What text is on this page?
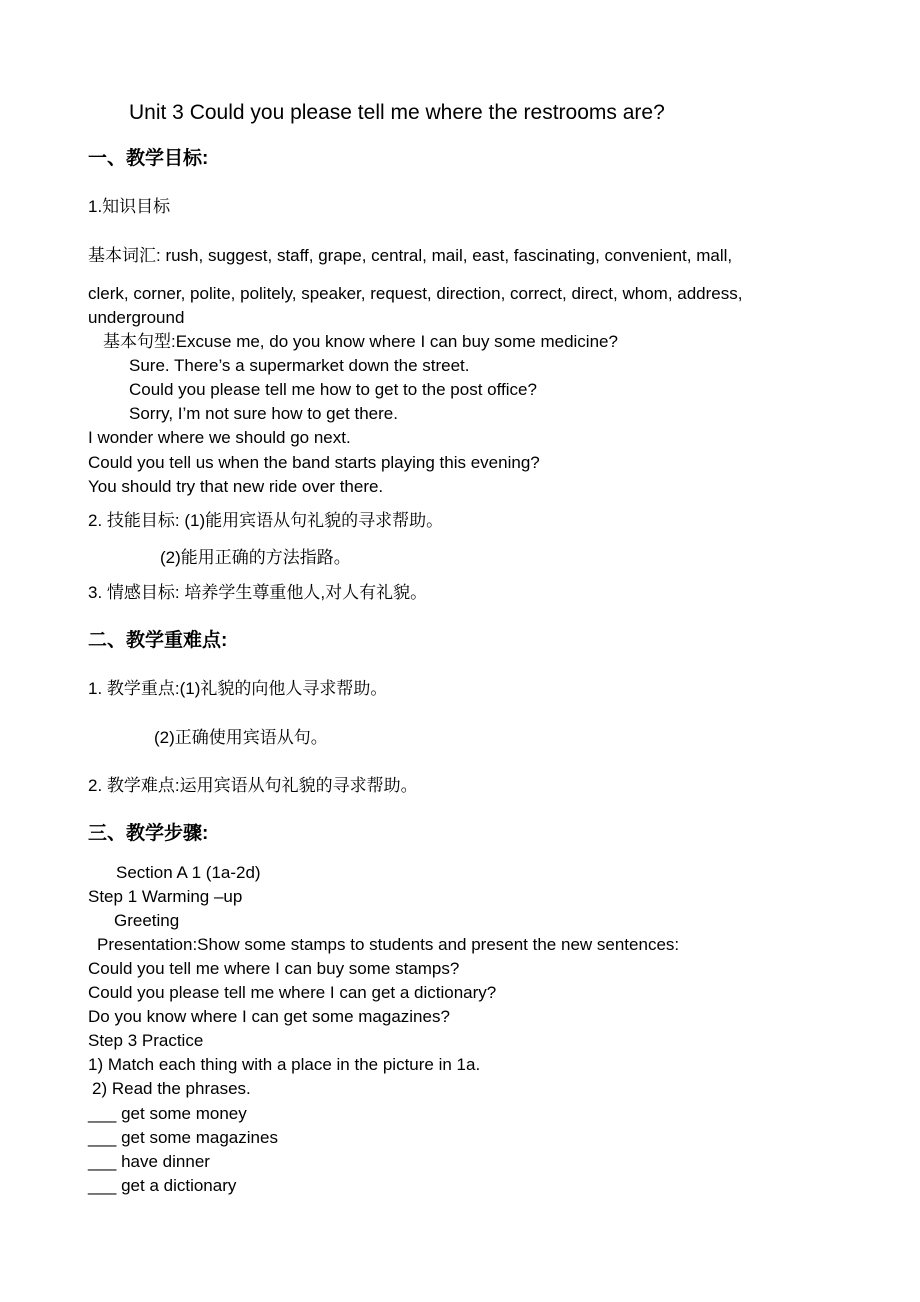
Unit 3 Could you please tell me where the restrooms are?
一、教学目标:
1.知识目标
基本词汇: rush, suggest, staff, grape, central, mail, east, fascinating, convenient, mall,
clerk, corner, polite, politely, speaker, request, direction, correct, direct, whom, address,
underground
基本句型:Excuse me, do you know where I can buy some medicine?
Sure. There’s a supermarket down the street.
Could you please tell me how to get to the post office?
Sorry, I’m not sure how to get there.
I wonder where we should go next.
Could you tell us when the band starts playing this evening?
You should try that new ride over there.
2. 技能目标: (1)能用宾语从句礼貌的寻求帮助。
(2)能用正确的方法指路。
3. 情感目标: 培养学生尊重他人,对人有礼貌。
二、教学重难点:
1. 教学重点:(1)礼貌的向他人寻求帮助。
(2)正确使用宾语从句。
2. 教学难点:运用宾语从句礼貌的寻求帮助。
三、教学步骤:
Section A 1 (1a-2d)
Step 1 Warming –up
Greeting
Presentation:Show some stamps to students and present the new sentences:
Could you tell me where I can buy some stamps?
Could you please tell me where I can get a dictionary?
Do you know where I can get some magazines?
Step 3 Practice
1) Match each thing with a place in the picture in 1a.
2) Read the phrases.
___ get some money
___ get some magazines
___ have dinner
___ get a dictionary
